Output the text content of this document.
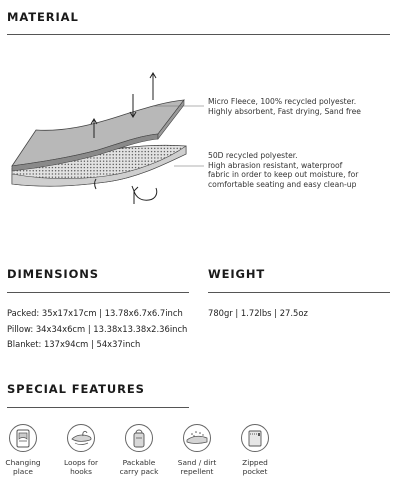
MATERIAL
Micro Fleece, 100% recycled polyester.
Highly absorbent, Fast drying, Sand free
50D recycled polyester.
High abrasion resistant, waterproof
fabric in order to keep out moisture, for
comfortable seating and easy clean-up
DIMENSIONS
Packed: 35x17x17cm | 13.78x6.7x6.7inch
Pillow: 34x34x6cm | 13.38x13.38x2.36inch
Blanket: 137x94cm | 54x37inch
WEIGHT
780gr | 1.72lbs | 27.5oz
SPECIAL FEATURES
Changing
place
Loops for
hooks
Packable
carry pack
Sand / dirt
repellent
Zipped
pocket
